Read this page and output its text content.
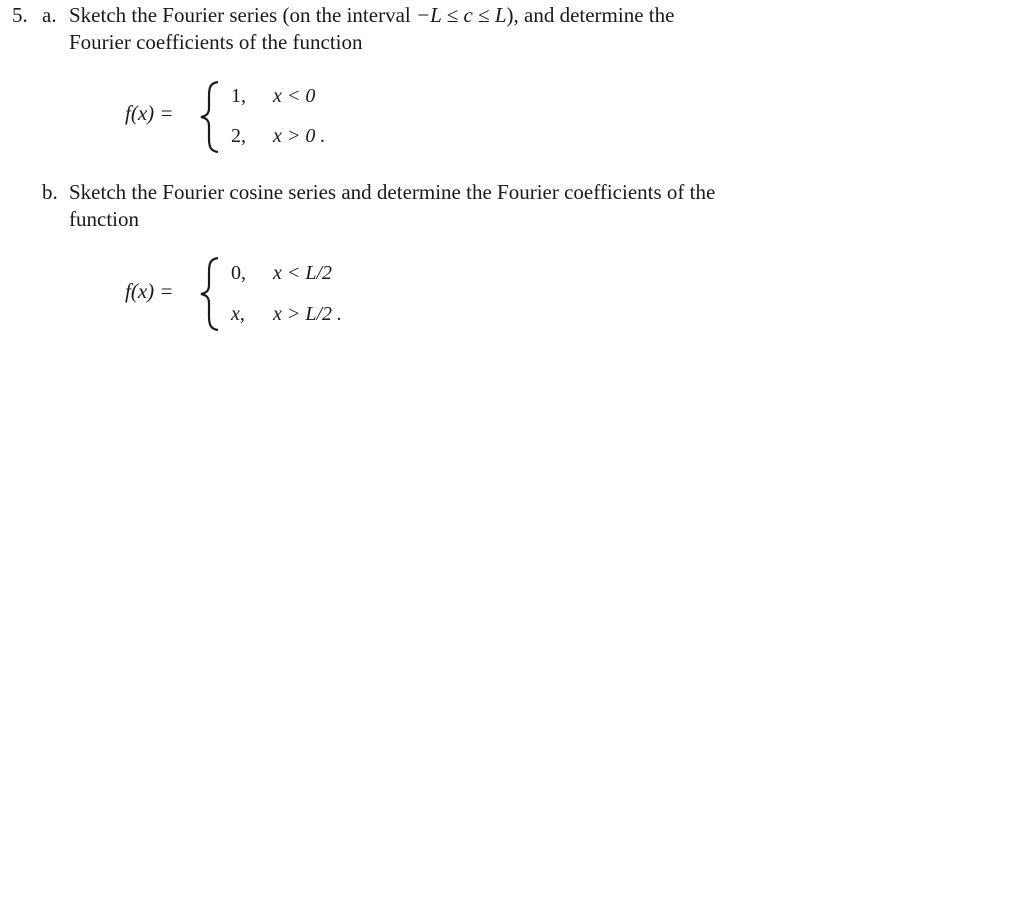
5. a. Sketch the Fourier series (on the interval −L ≤ c ≤ L), and determine the
Fourier coefficients of the function
f(x) =
1, x < 0
2, x > 0 .
b. Sketch the Fourier cosine series and determine the Fourier coefficients of the
function
f(x) =
0, x < L/2
x, x > L/2 .
